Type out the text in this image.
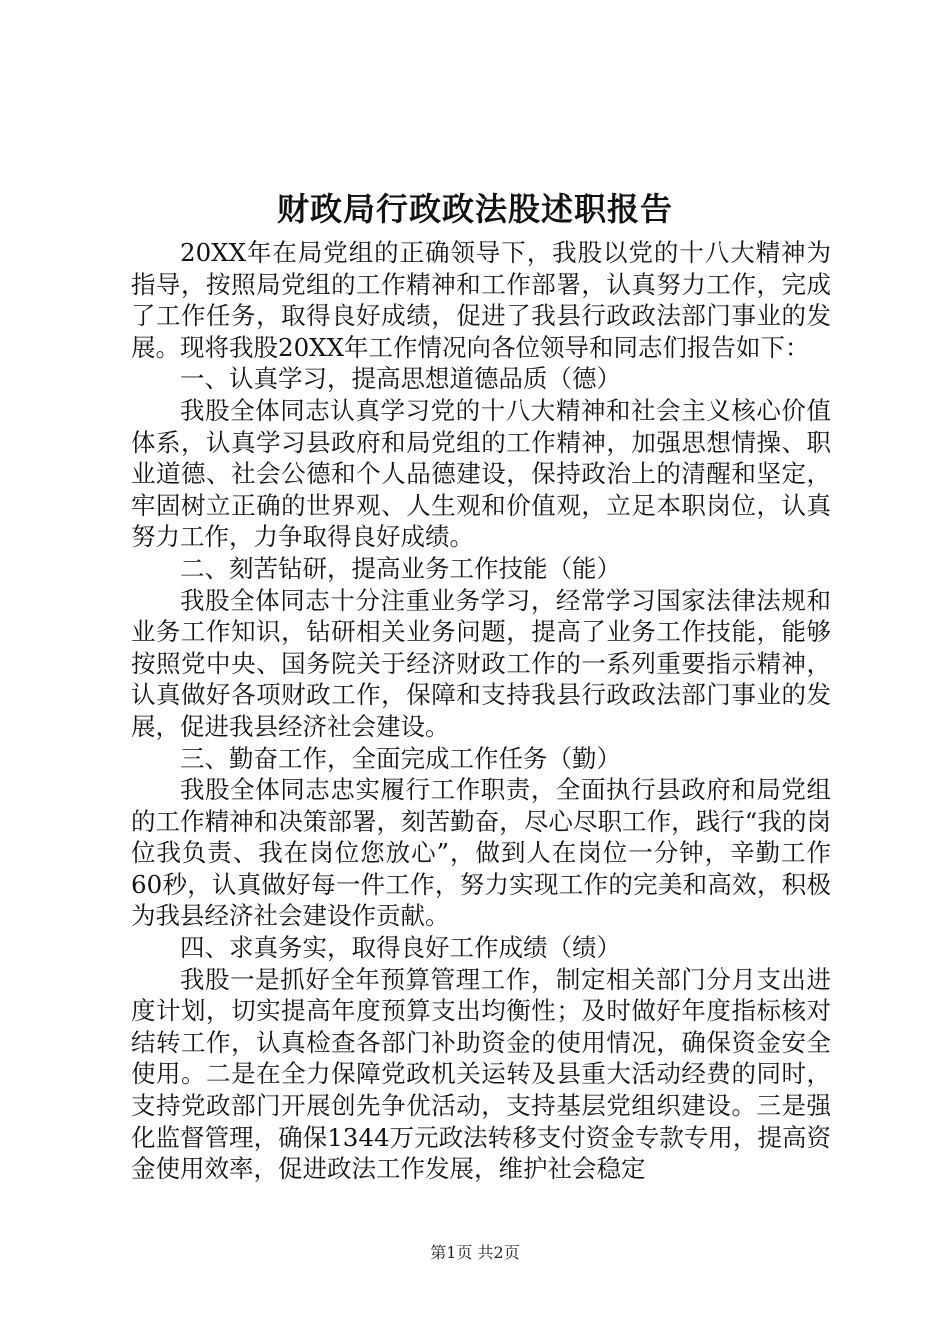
财政局行政政法股述职报告

20XX年在局党组的正确领导下，我股以党的十八大精神为指导，按照局党组的工作精神和工作部署，认真努力工作，完成了工作任务，取得良好成绩，促进了我县行政政法部门事业的发展。现将我股20XX年工作情况向各位领导和同志们报告如下：

一、认真学习，提高思想道德品质（德）

我股全体同志认真学习党的十八大精神和社会主义核心价值体系，认真学习县政府和局党组的工作精神，加强思想情操、职业道德、社会公德和个人品德建设，保持政治上的清醒和坚定，牢固树立正确的世界观、人生观和价值观，立足本职岗位，认真努力工作，力争取得良好成绩。

二、刻苦钻研，提高业务工作技能（能）

我股全体同志十分注重业务学习，经常学习国家法律法规和业务工作知识，钻研相关业务问题，提高了业务工作技能，能够按照党中央、国务院关于经济财政工作的一系列重要指示精神，认真做好各项财政工作，保障和支持我县行政政法部门事业的发展，促进我县经济社会建设。

三、勤奋工作，全面完成工作任务（勤）

我股全体同志忠实履行工作职责，全面执行县政府和局党组的工作精神和决策部署，刻苦勤奋，尽心尽职工作，践行“我的岗位我负责、我在岗位您放心”，做到人在岗位一分钟，辛勤工作60秒，认真做好每一件工作，努力实现工作的完美和高效，积极为我县经济社会建设作贡献。

四、求真务实，取得良好工作成绩（绩）

我股一是抓好全年预算管理工作，制定相关部门分月支出进度计划，切实提高年度预算支出均衡性；及时做好年度指标核对结转工作，认真检查各部门补助资金的使用情况，确保资金安全使用。二是在全力保障党政机关运转及县重大活动经费的同时，支持党政部门开展创先争优活动，支持基层党组织建设。三是强化监督管理，确保1344万元政法转移支付资金专款专用，提高资金使用效率，促进政法工作发展，维护社会稳定

第1页 共2页
